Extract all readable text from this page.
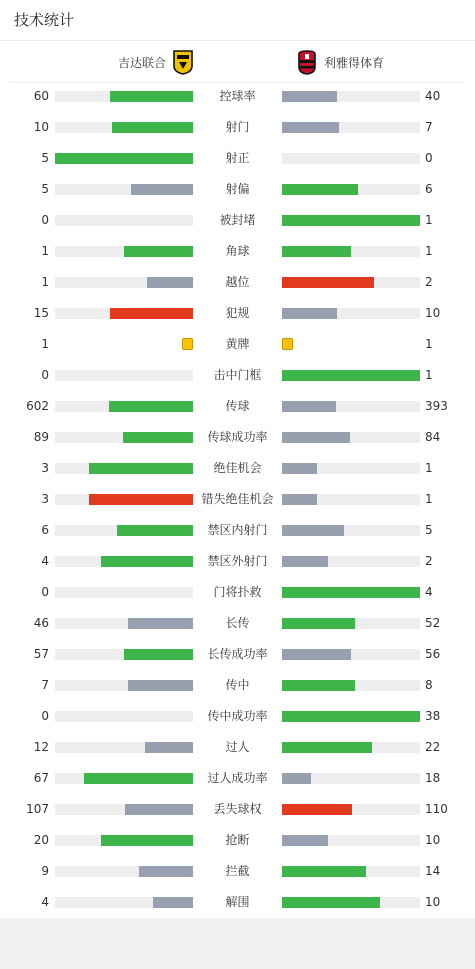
技术统计
吉达联合	利雅得体育
60	控球率	40
10	射门	7
5	射正	0
5	射偏	6
0	被封堵	1
1	角球	1
1	越位	2
15	犯规	10
1	黄牌	1
0	击中门框	1
602	传球	393
89	传球成功率	84
3	绝佳机会	1
3	错失绝佳机会	1
6	禁区内射门	5
4	禁区外射门	2
0	门将扑救	4
46	长传	52
57	长传成功率	56
7	传中	8
0	传中成功率	38
12	过人	22
67	过人成功率	18
107	丢失球权	110
20	抢断	10
9	拦截	14
4	解围	10
